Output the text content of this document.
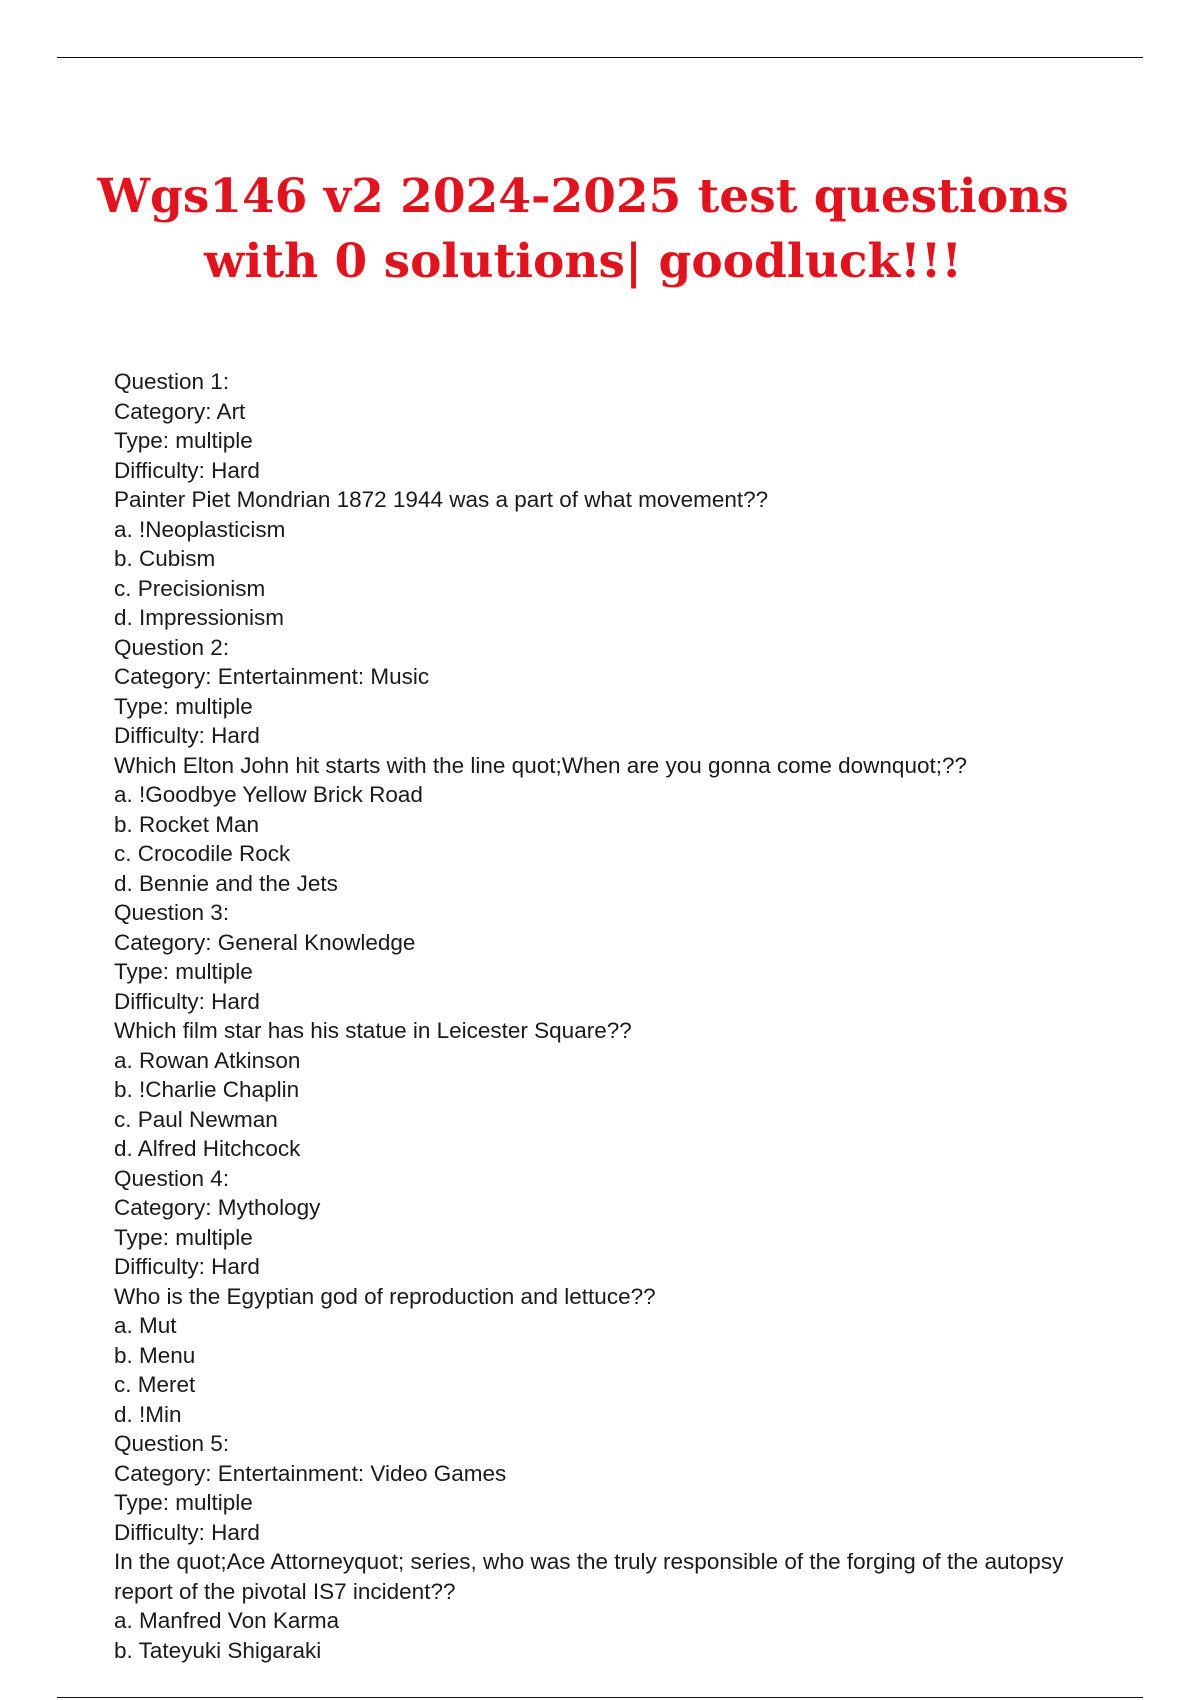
Wgs146 v2 2024-2025 test questions
with 0 solutions| goodluck!!!

Question 1:

Category: Art

Type: multiple

Difficulty: Hard

Painter Piet Mondrian 1872 1944 was a part of what movement??

a. !Neoplasticism

b. Cubism

c. Precisionism

d. Impressionism

Question 2:

Category: Entertainment: Music

Type: multiple

Difficulty: Hard

Which Elton John hit starts with the line quot;When are you gonna come downquot;??

a. !Goodbye Yellow Brick Road

b. Rocket Man

c. Crocodile Rock

d. Bennie and the Jets

Question 3:

Category: General Knowledge

Type: multiple

Difficulty: Hard

Which film star has his statue in Leicester Square??

a. Rowan Atkinson

b. !Charlie Chaplin

c. Paul Newman

d. Alfred Hitchcock

Question 4:

Category: Mythology

Type: multiple

Difficulty: Hard

Who is the Egyptian god of reproduction and lettuce??

a. Mut

b. Menu

c. Meret

d. !Min

Question 5:

Category: Entertainment: Video Games

Type: multiple

Difficulty: Hard

In the quot;Ace Attorneyquot; series, who was the truly responsible of the forging of the autopsy report of the pivotal IS7 incident??

a. Manfred Von Karma

b. Tateyuki Shigaraki
